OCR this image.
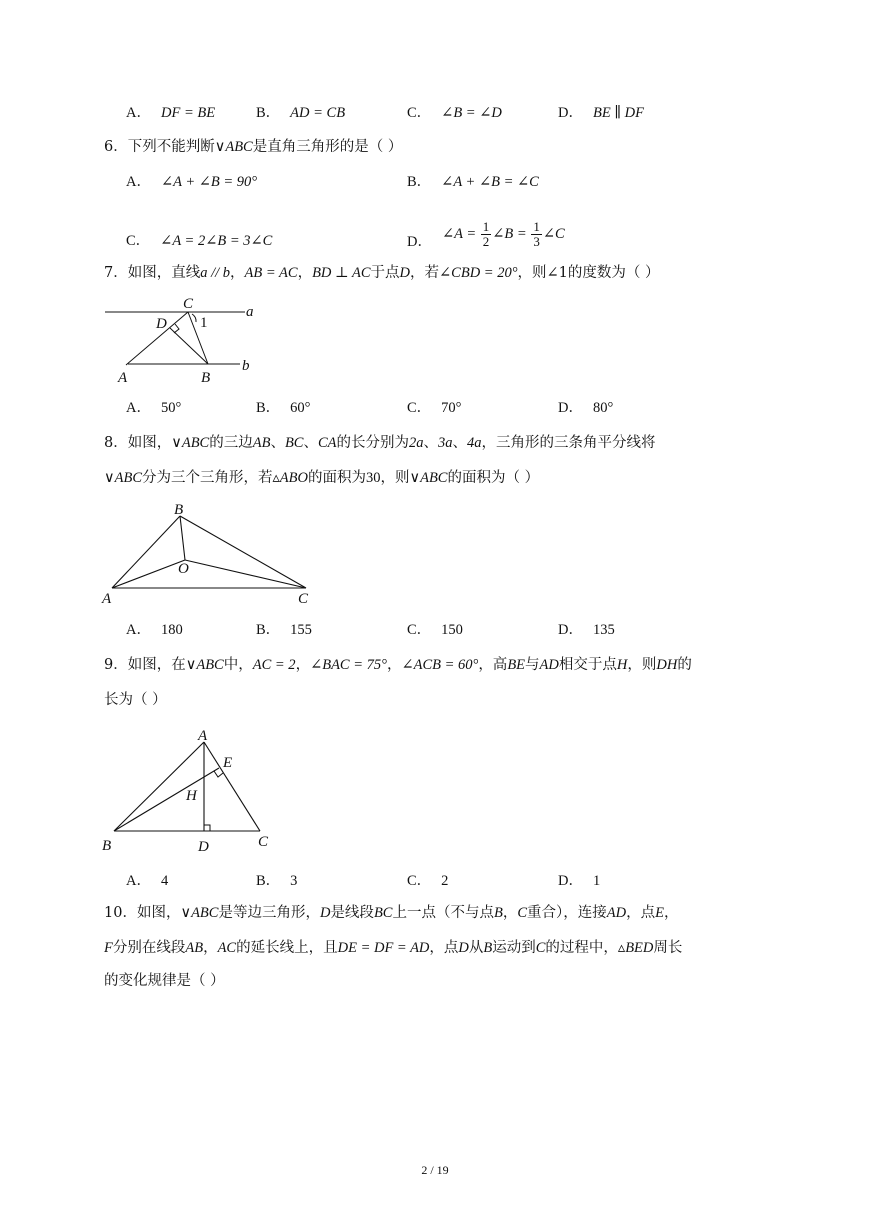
A． DF = BE	B． AD = CB	C． ∠B = ∠D	D． BE ∥ DF
6．下列不能判断∨ABC是直角三角形的是（ ）
A． ∠A + ∠B = 90°	B． ∠A + ∠B = ∠C
C． ∠A = 2∠B = 3∠C	D． ∠A = $\frac{1}{2}$ ∠B = $\frac{1}{3}$ ∠C
7．如图，直线a // b，AB = AC，BD ⊥ AC于点D，若∠CBD = 20°，则∠1的度数为（ ）
C
D 1
a
b
A	B
A． 50°	B． 60°	C． 70°	D． 80°
8．如图，∨ABC的三边AB、BC、CA的长分别为2a、3a、4a，三角形的三条角平分线将
∨ABC分为三个三角形，若▵ABO的面积为30，则∨ABC的面积为（ ）
B
O
A	C
A． 180	B． 155	C． 150	D． 135
9．如图，在∨ABC中，AC = 2，∠BAC = 75°，∠ACB = 60°，高BE与AD相交于点H，则DH的
长为（ ）
A
E
H
B	D	C
A． 4	B． 3	C． 2	D． 1
10．如图，∨ABC是等边三角形，D是线段BC上一点（不与点B，C重合），连接AD，点E，
F分别在线段AB，AC的延长线上，且DE = DF = AD，点D从B运动到C的过程中，▵BED周长
的变化规律是（ ）
2 / 19
